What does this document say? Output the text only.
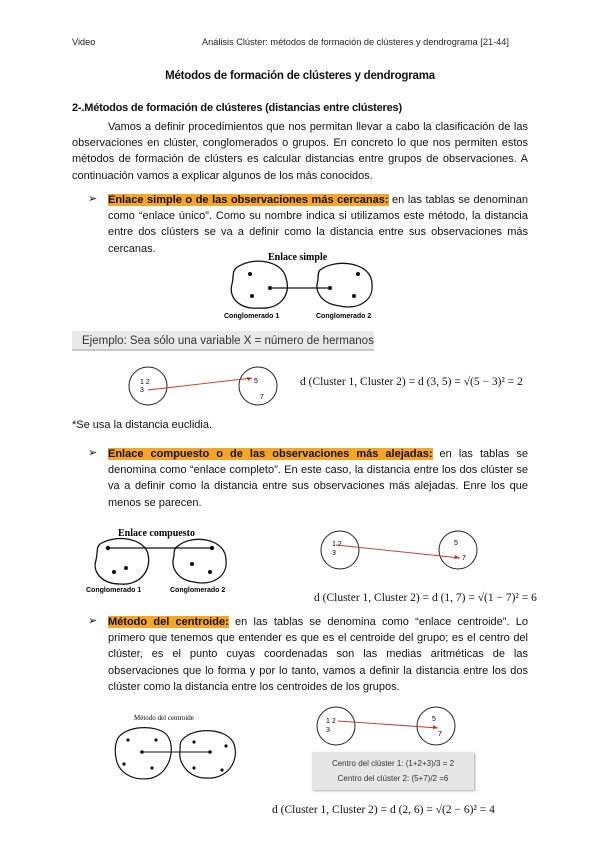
Video	Análisis Clúster: métodos de formación de clústeres y dendrograma [21-44]
Métodos de formación de clústeres y dendrograma
2-.Métodos de formación de clústeres (distancias entre clústeres)
Vamos a definir procedimientos que nos permitan llevar a cabo la clasificación de las observaciones en clúster, conglomerados o grupos. En concreto lo que nos permiten estos métodos de formación de clústers es calcular distancias entre grupos de observaciones. A continuación vamos a explicar algunos de los más conocidos.
➢ Enlace simple o de las observaciones más cercanas: en las tablas se denominan como “enlace único”. Como su nombre indica si utilizamos este método, la distancia entre dos clústers se va a definir como la distancia entre sus observaciones más cercanas.
Enlace simple
Conglomerado 1	Conglomerado 2
Ejemplo: Sea sólo una variable X = número de hermanos
1 2
3
5
7
d (Cluster 1, Cluster 2) = d (3, 5) = √(5 − 3)² = 2
*Se usa la distancia euclidia.
➢ Enlace compuesto o de las observaciones más alejadas: en las tablas se denomina como “enlace completo”. En este caso, la distancia entre los dos clúster se va a definir como la distancia entre sus observaciones más alejadas. Enre los que menos se parecen.
Enlace compuesto
Conglomerado 1	Conglomerado 2
1 2
3
5
7
d (Cluster 1, Cluster 2) = d (1, 7) = √(1 − 7)² = 6
➢ Método del centroide: en las tablas se denomina como “enlace centroide”. Lo primero que tenemos que entender es que es el centroide del grupo; es el centro del clúster, es el punto cuyas coordenadas son las medias aritméticas de las observaciones que lo forma y por lo tanto, vamos a definir la distancia entre los dos clúster como la distancia entre los centroides de los grupos.
Método del centroide	1 2
3
5
7
Centro del clúster 1: (1+2+3)/3 = 2
Centro del clúster 2: (5+7)/2 =6
d (Cluster 1, Cluster 2) = d (2, 6) = √(2 − 6)² = 4
